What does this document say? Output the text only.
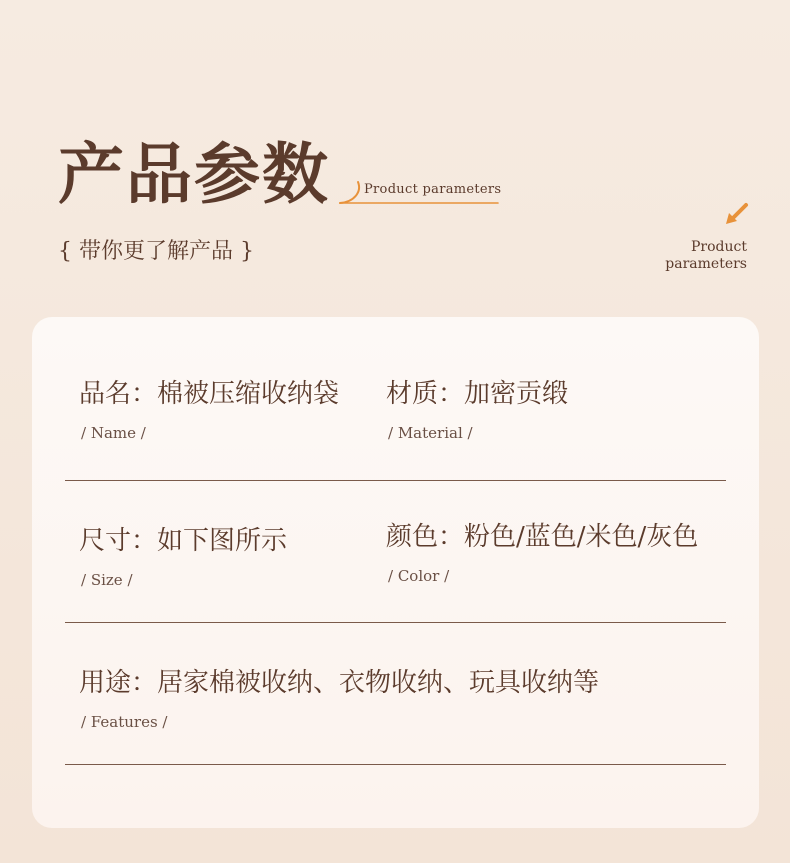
产品参数	Product parameters
{ 带你更了解产品 }	Product
parameters
品名：棉被压缩收纳袋
/ Name /
材质：加密贡缎
/ Material /
尺寸：如下图所示
/ Size /
颜色：粉色/蓝色/米色/灰色
/ Color /
用途：居家棉被收纳、衣物收纳、玩具收纳等
/ Features /
